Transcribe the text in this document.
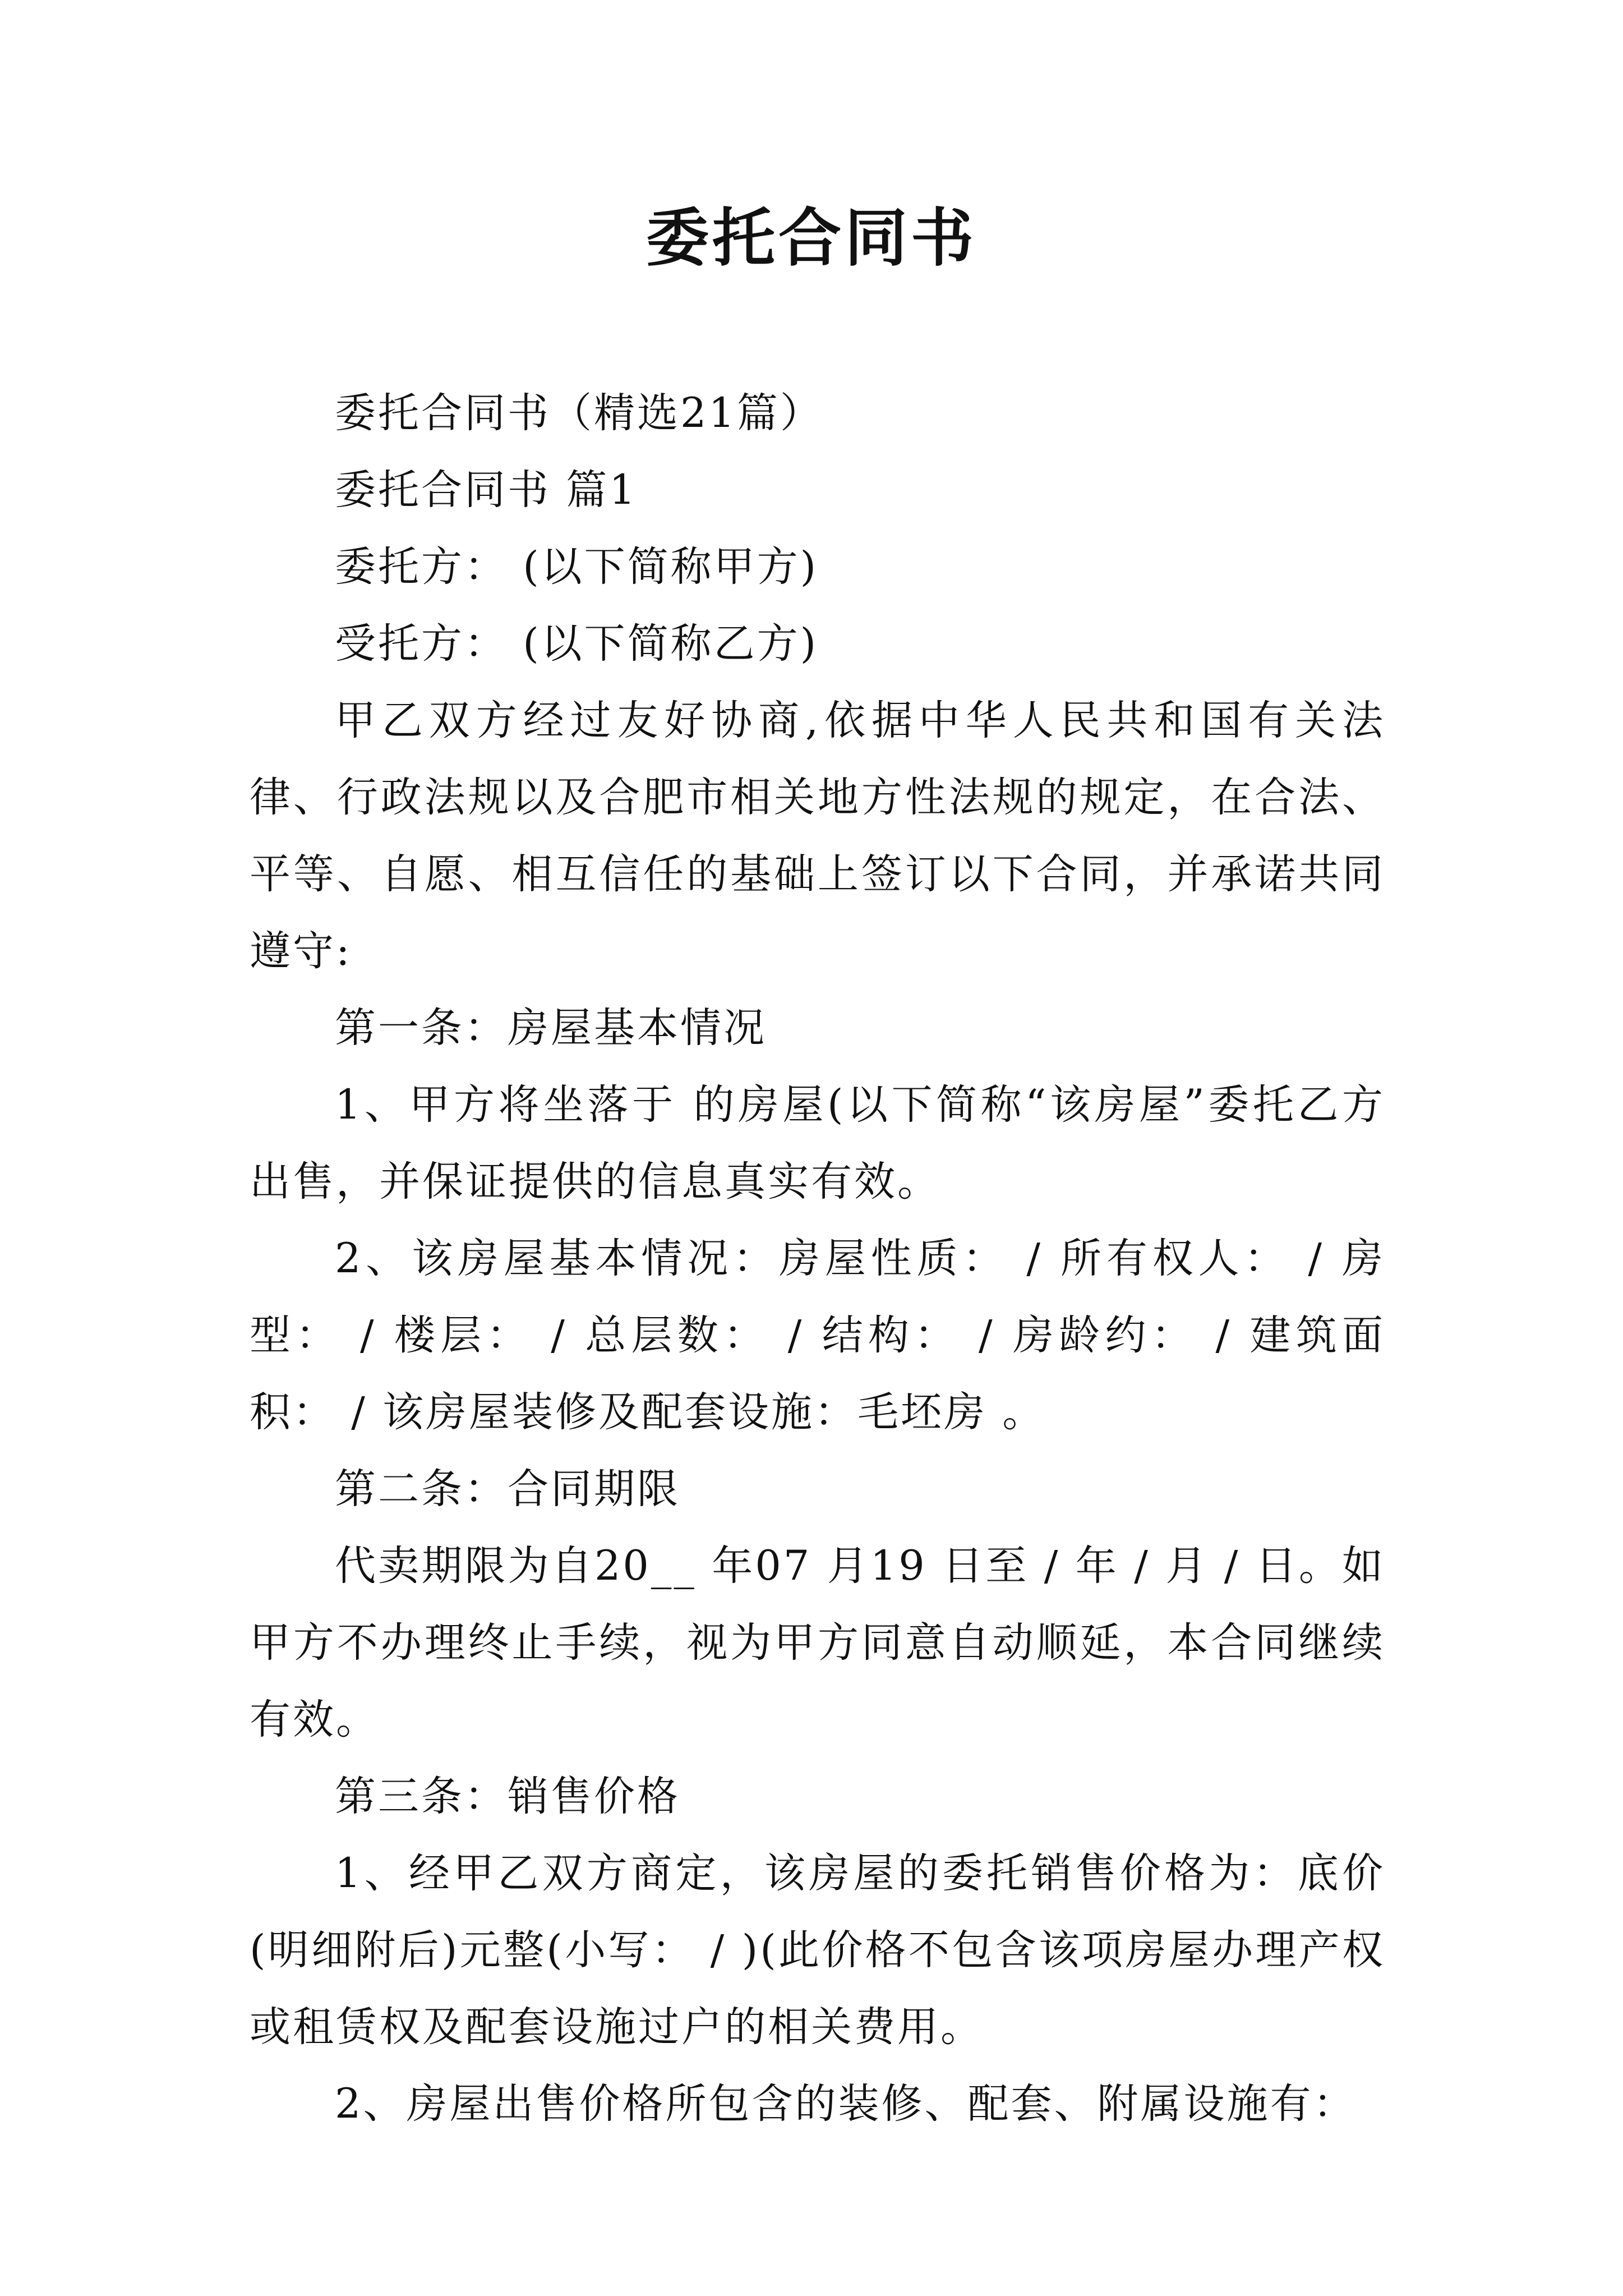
委托合同书

委托合同书（精选21篇）

委托合同书 篇1

委托方： (以下简称甲方)

受托方： (以下简称乙方)

甲乙双方经过友好协商,依据中华人民共和国有关法律、行政法规以及合肥市相关地方性法规的规定，在合法、平等、自愿、相互信任的基础上签订以下合同，并承诺共同遵守:

第一条：房屋基本情况

1、甲方将坐落于 的房屋(以下简称“该房屋”委托乙方出售，并保证提供的信息真实有效。

2、该房屋基本情况：房屋性质： / 所有权人： / 房型： / 楼层： / 总层数： / 结构： / 房龄约： / 建筑面积： / 该房屋装修及配套设施：毛坯房 。

第二条：合同期限

代卖期限为自20__ 年07 月19 日至 / 年 / 月 / 日。如甲方不办理终止手续，视为甲方同意自动顺延，本合同继续有效。

第三条：销售价格

1、经甲乙双方商定，该房屋的委托销售价格为：底价(明细附后)元整(小写： / )(此价格不包含该项房屋办理产权或租赁权及配套设施过户的相关费用。

2、房屋出售价格所包含的装修、配套、附属设施有：
